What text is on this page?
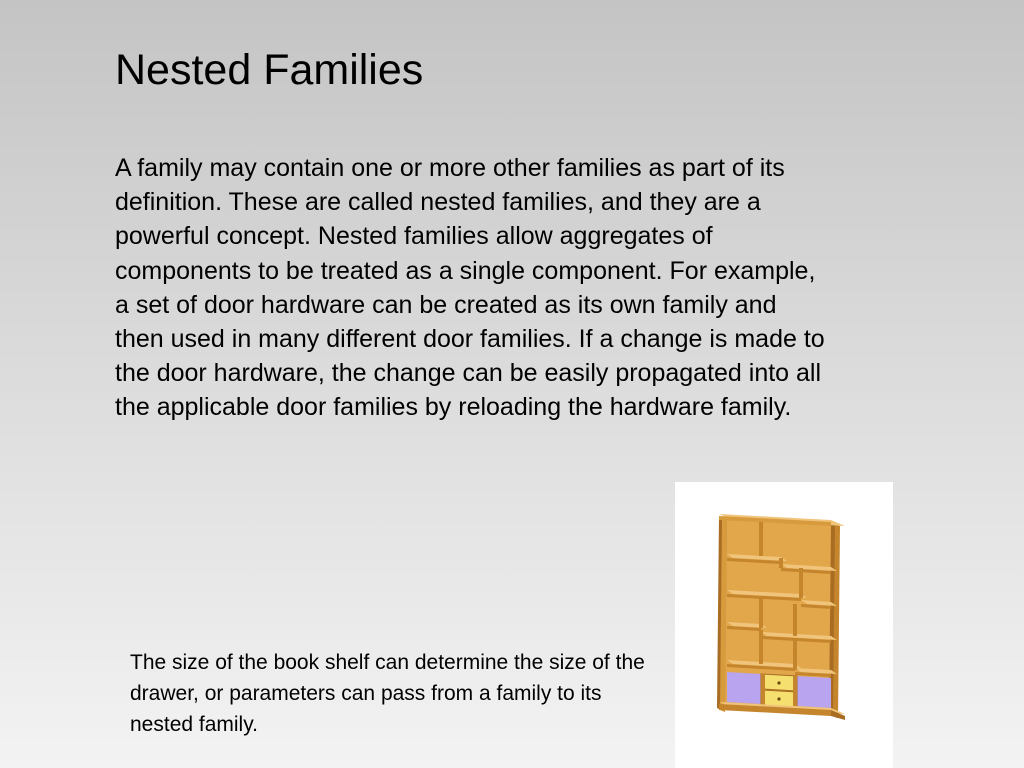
Nested Families

A family may contain one or more other families as part of its definition. These are called nested families, and they are a powerful concept. Nested families allow aggregates of components to be treated as a single component. For example, a set of door hardware can be created as its own family and then used in many different door families. If a change is made to the door hardware, the change can be easily propagated into all the applicable door families by reloading the hardware family.

The size of the book shelf can determine the size of the drawer, or parameters can pass from a family to its nested family.
